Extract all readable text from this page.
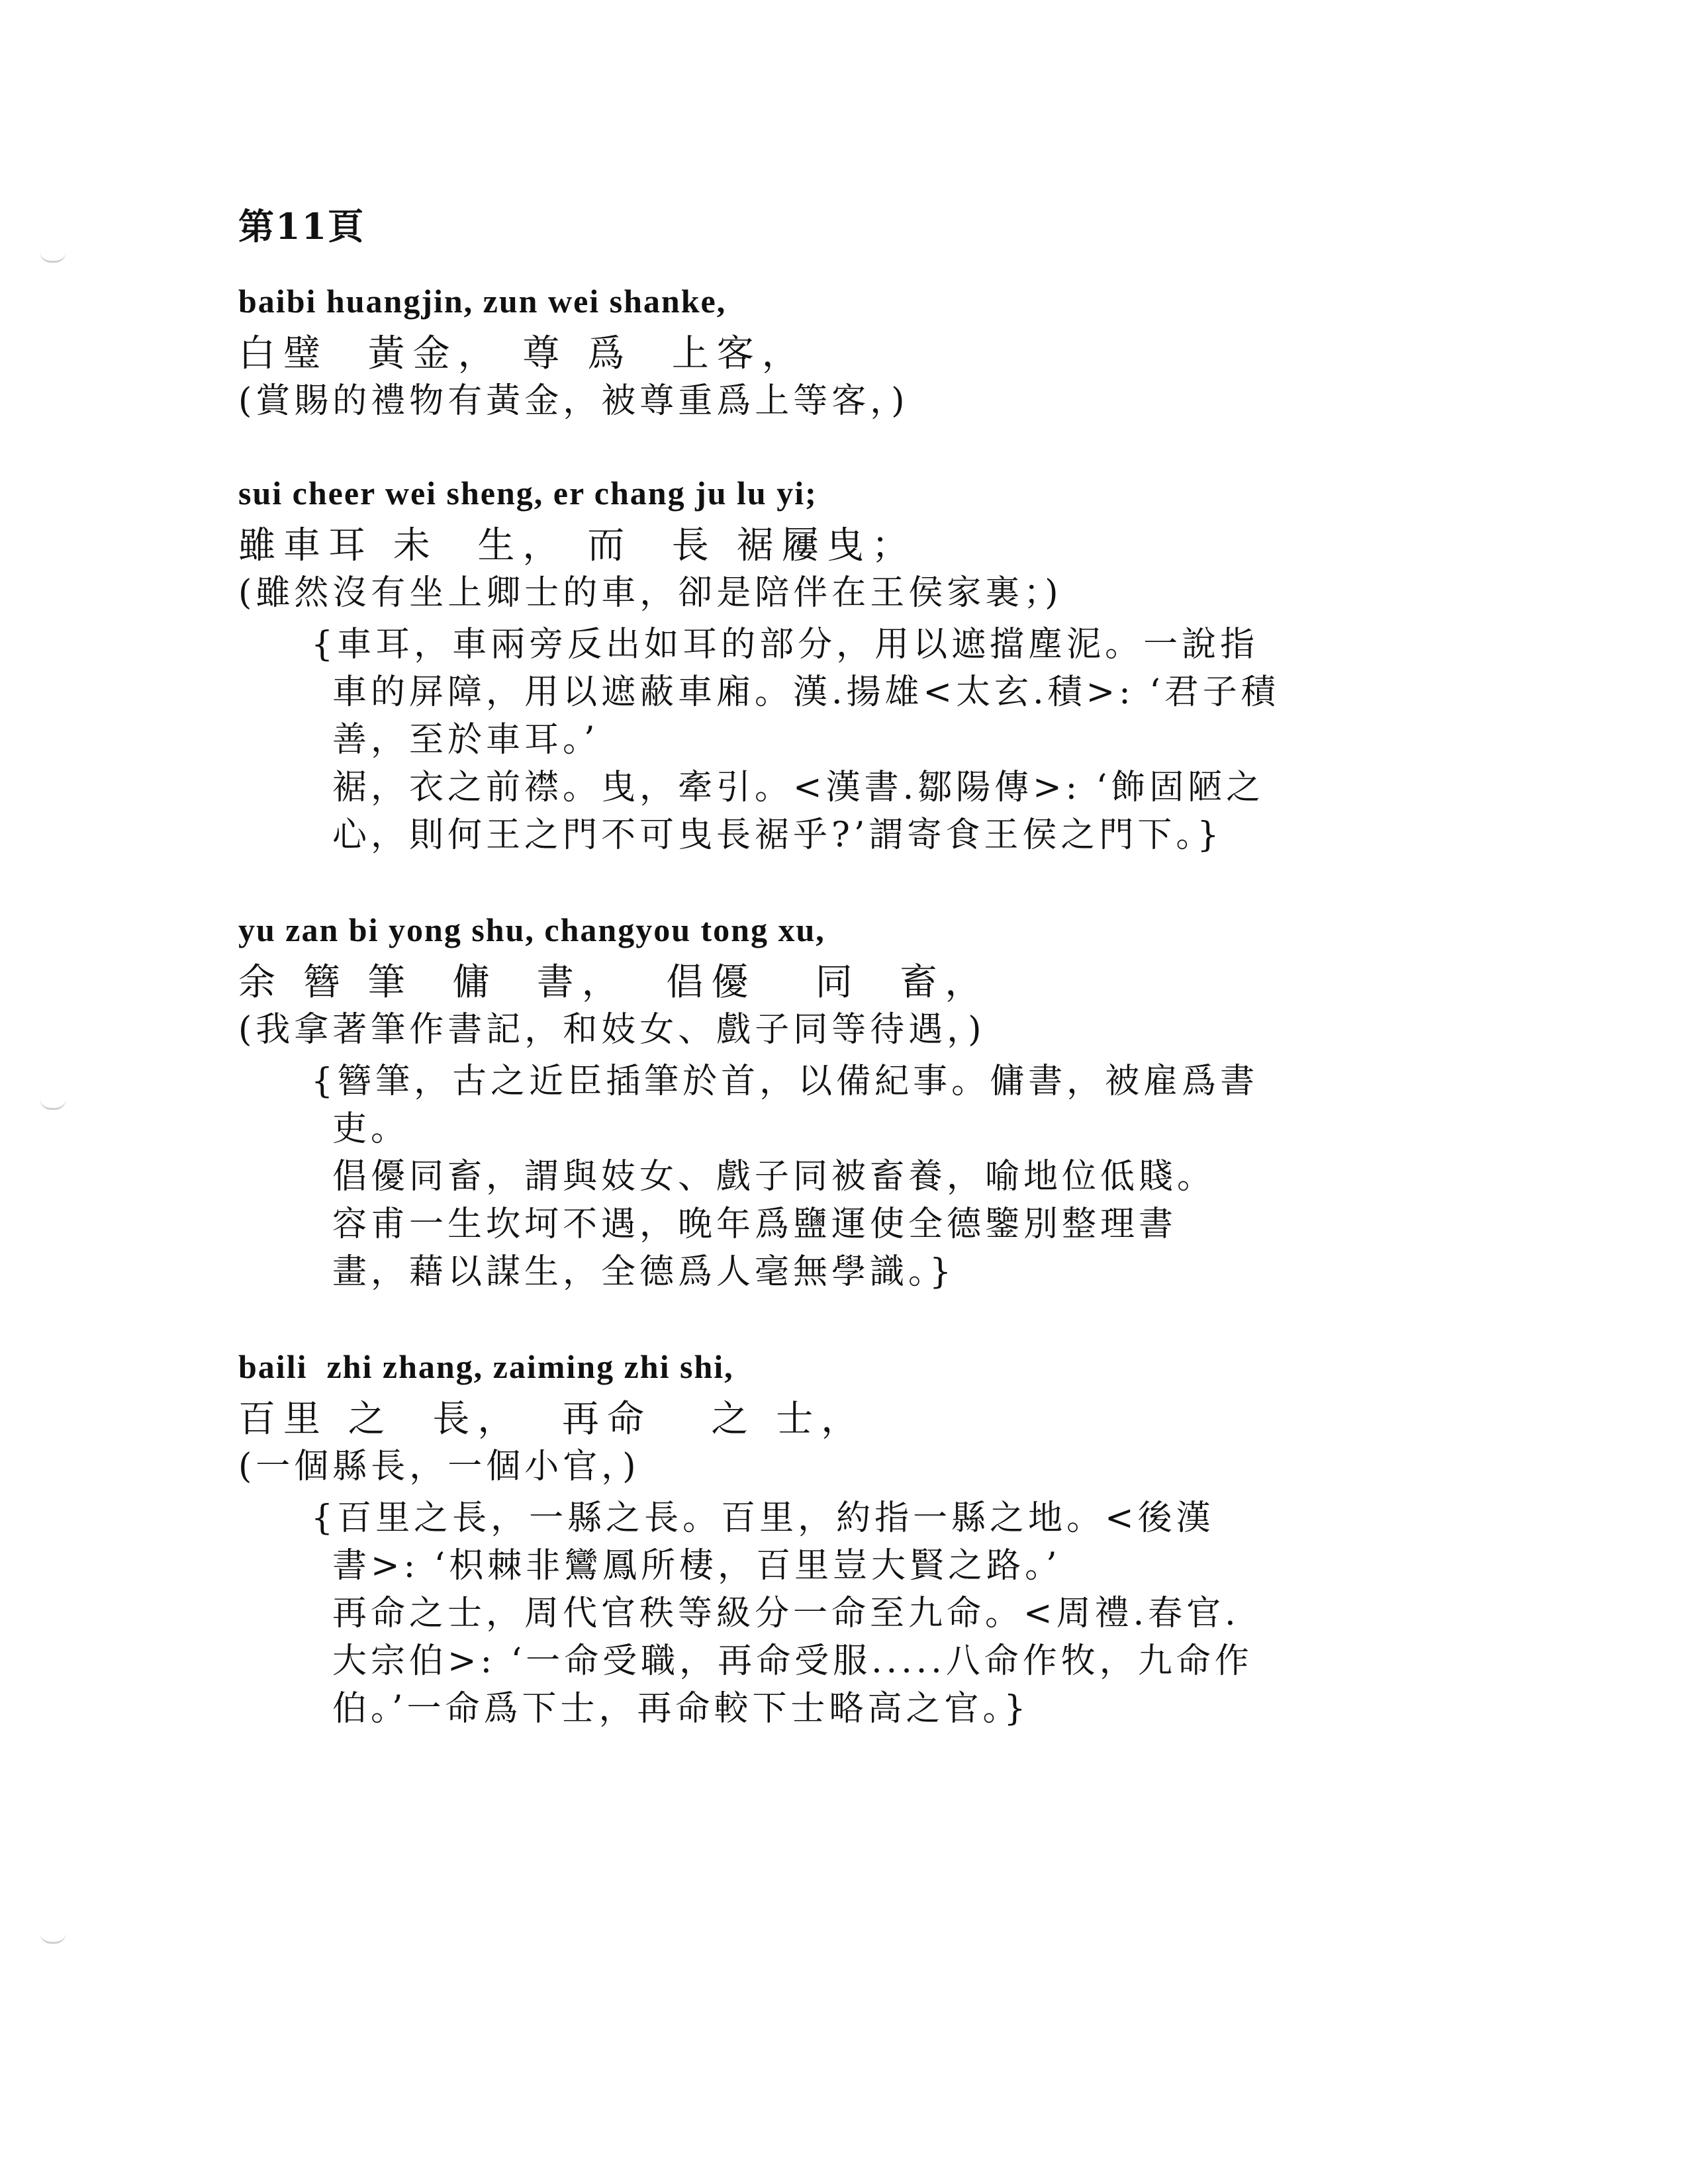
第11頁
baibi huangjin, zun wei shanke,
白璧  黃金， 尊 爲  上客，
(賞賜的禮物有黃金，被尊重爲上等客，)
sui cheer wei sheng, er chang ju lu yi;
雖車耳 未  生， 而  長 裾屨曳；
(雖然沒有坐上卿士的車，卻是陪伴在王侯家裏；)
{車耳，車兩旁反出如耳的部分，用以遮擋塵泥。一說指
車的屏障，用以遮蔽車廂。漢.揚雄<太玄.積>: ‘君子積
善，至於車耳。’
裾，衣之前襟。曳，牽引。<漢書.鄒陽傳>: ‘飾固陋之
心，則何王之門不可曳長裾乎?’謂寄食王侯之門下。}
yu zan bi yong shu, changyou tong xu,
余 簪 筆  傭  書，  倡優   同  畜，
(我拿著筆作書記，和妓女、戲子同等待遇，)
{簪筆，古之近臣插筆於首，以備紀事。傭書，被雇爲書
吏。
倡優同畜，謂與妓女、戲子同被畜養，喻地位低賤。
容甫一生坎坷不遇，晚年爲鹽運使全德鑒別整理書
畫，藉以謀生，全德爲人毫無學識。}
baili  zhi zhang, zaiming zhi shi,
百里 之  長，  再命   之 士，
(一個縣長，一個小官，)
{百里之長，一縣之長。百里，約指一縣之地。<後漢
書>: ‘枳棘非鸞鳳所棲，百里豈大賢之路。’
再命之士，周代官秩等級分一命至九命。<周禮.春官.
大宗伯>: ‘一命受職，再命受服.....八命作牧，九命作
伯。’一命爲下士，再命較下士略高之官。}
